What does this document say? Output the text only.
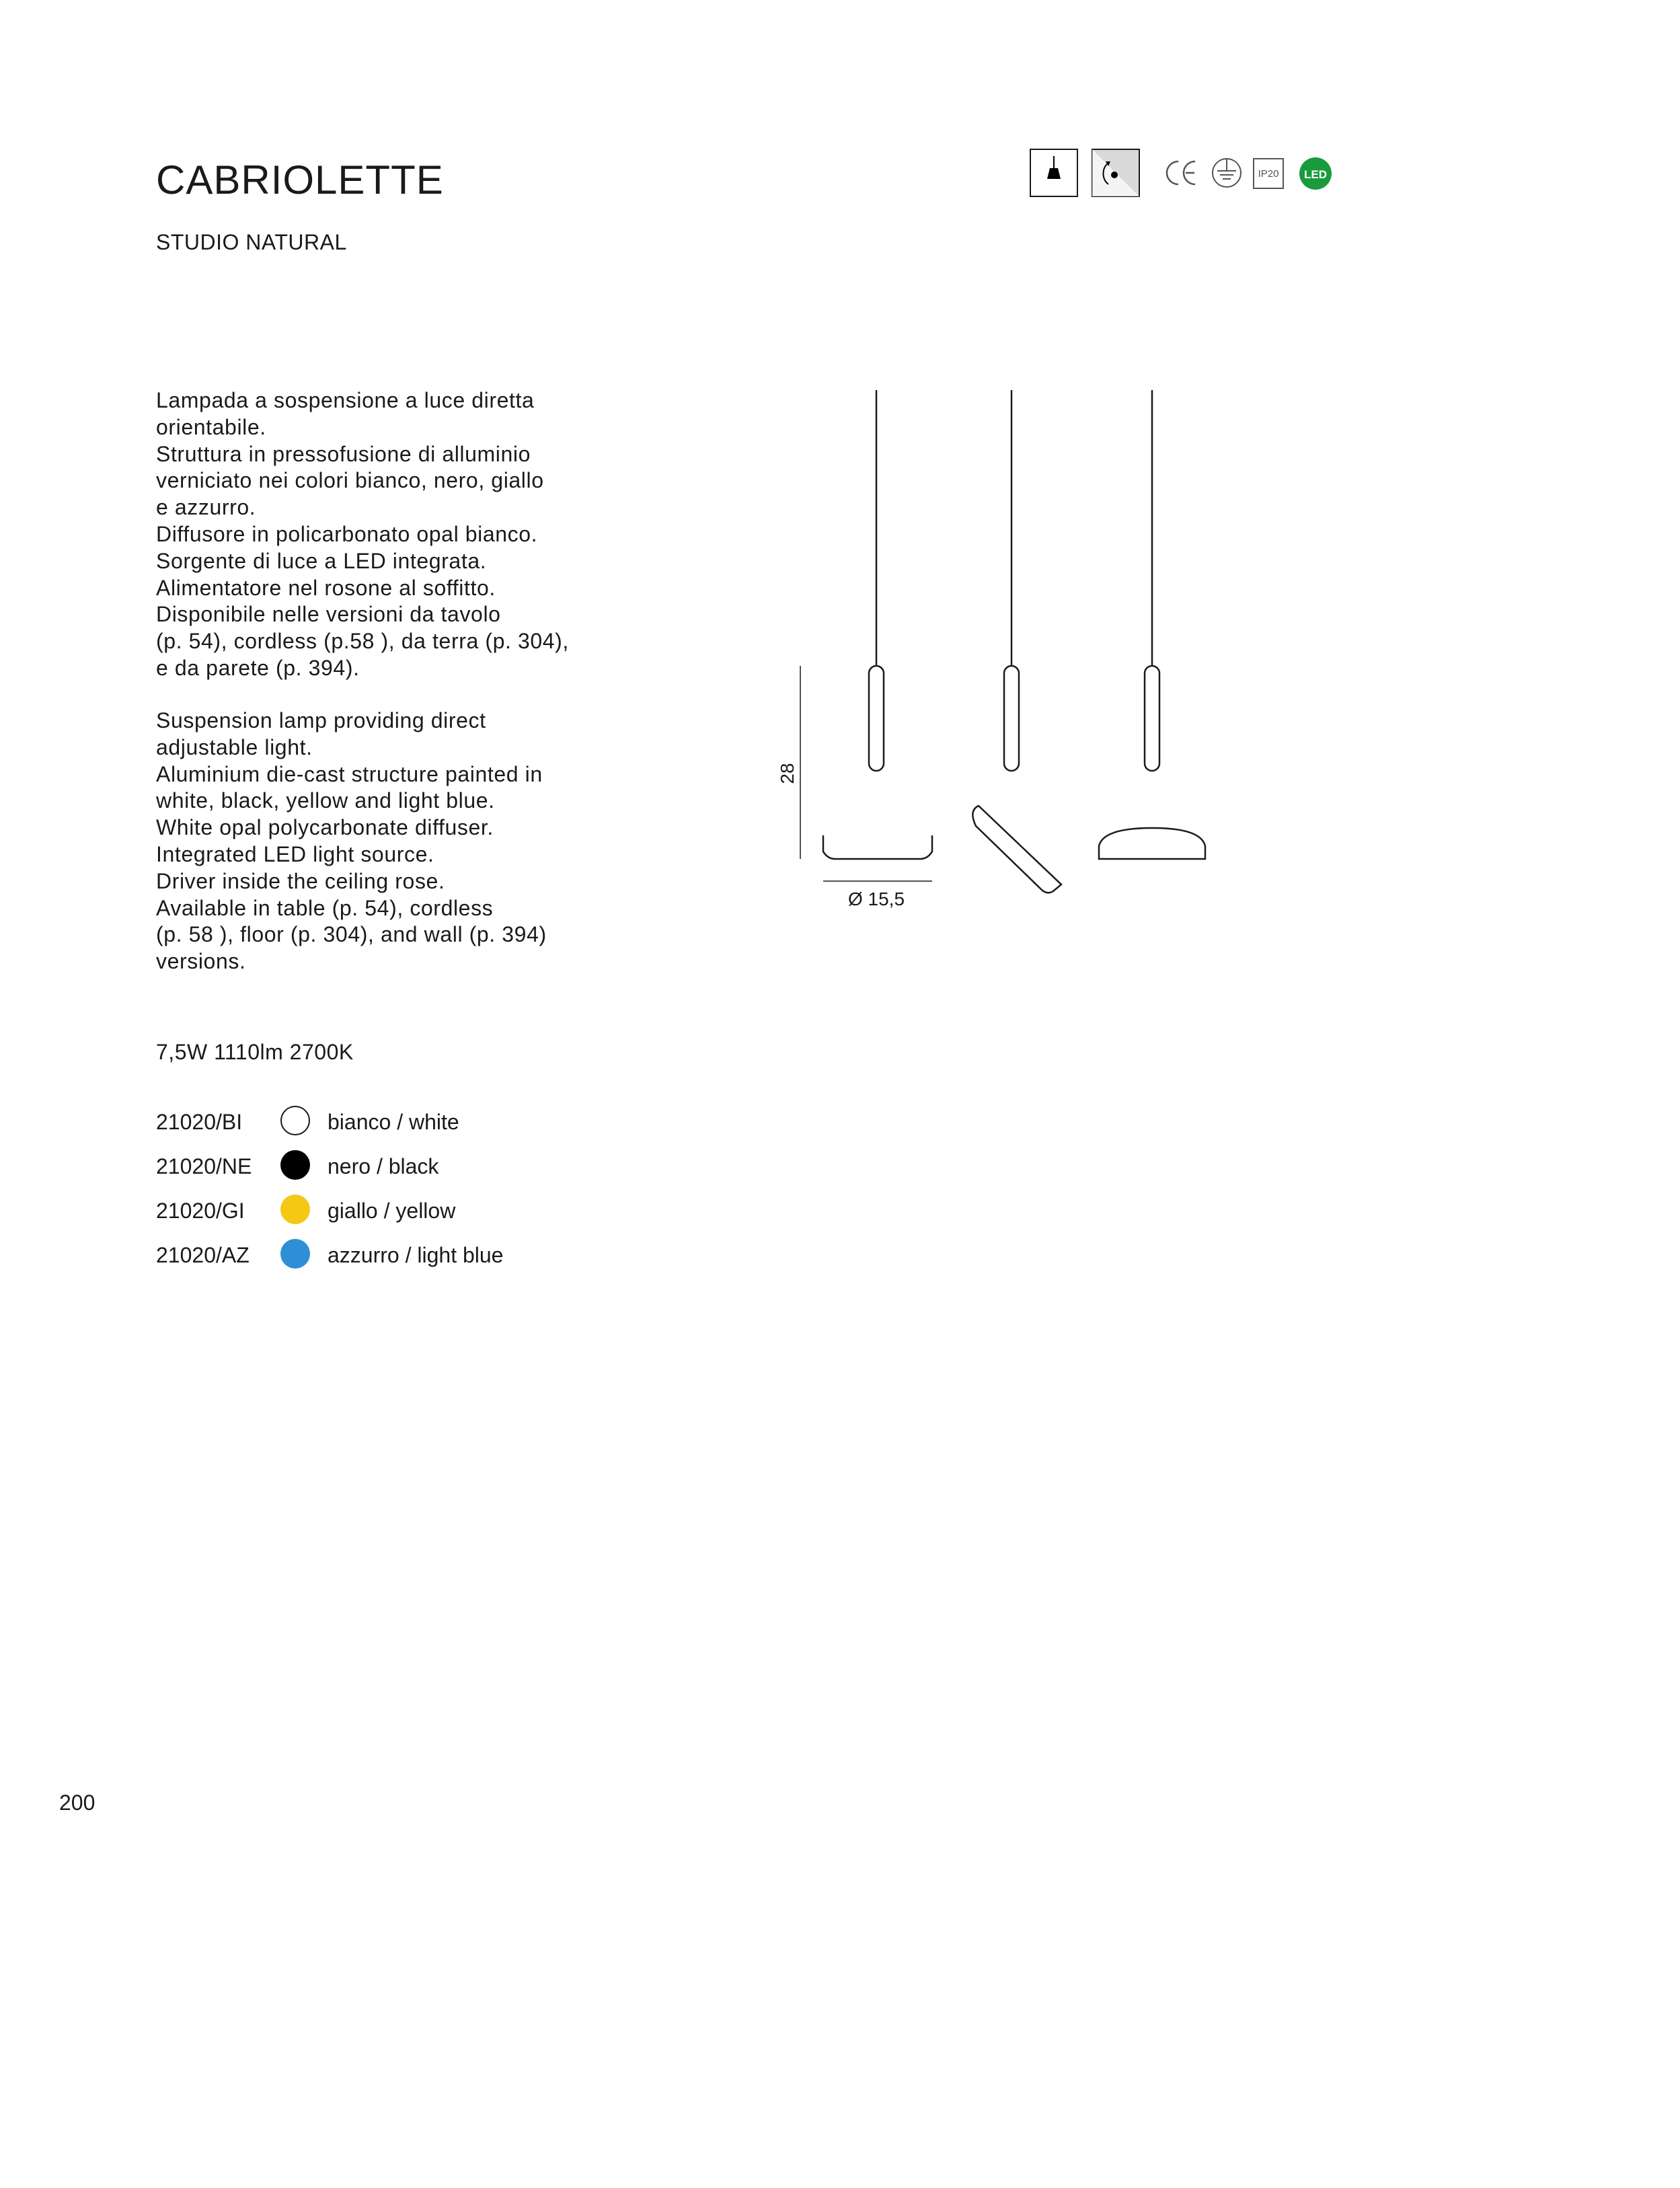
CABRIOLETTE
STUDIO NATURAL
IP20 LED

Lampada a sospensione a luce diretta

orientabile.

Struttura in pressofusione di alluminio

verniciato nei colori bianco, nero, giallo

e azzurro.

Diffusore in policarbonato opal bianco.

Sorgente di luce a LED integrata.

Alimentatore nel rosone al soffitto.

Disponibile nelle versioni da tavolo

(p. 54), cordless (p.58 ), da terra (p. 304),

e da parete (p. 394).

Suspension lamp providing direct

adjustable light.

Aluminium die-cast structure painted in

white, black, yellow and light blue.

White opal polycarbonate diffuser.

Integrated LED light source.

Driver inside the ceiling rose.

Available in table (p. 54), cordless

(p. 58 ), floor (p. 304), and wall (p. 394)

versions.

28
Ø 15,5
7,5W 1110lm 2700K
21020/BI	bianco / white
21020/NE	nero / black
21020/GI	giallo / yellow
21020/AZ	azzurro / light blue
200
